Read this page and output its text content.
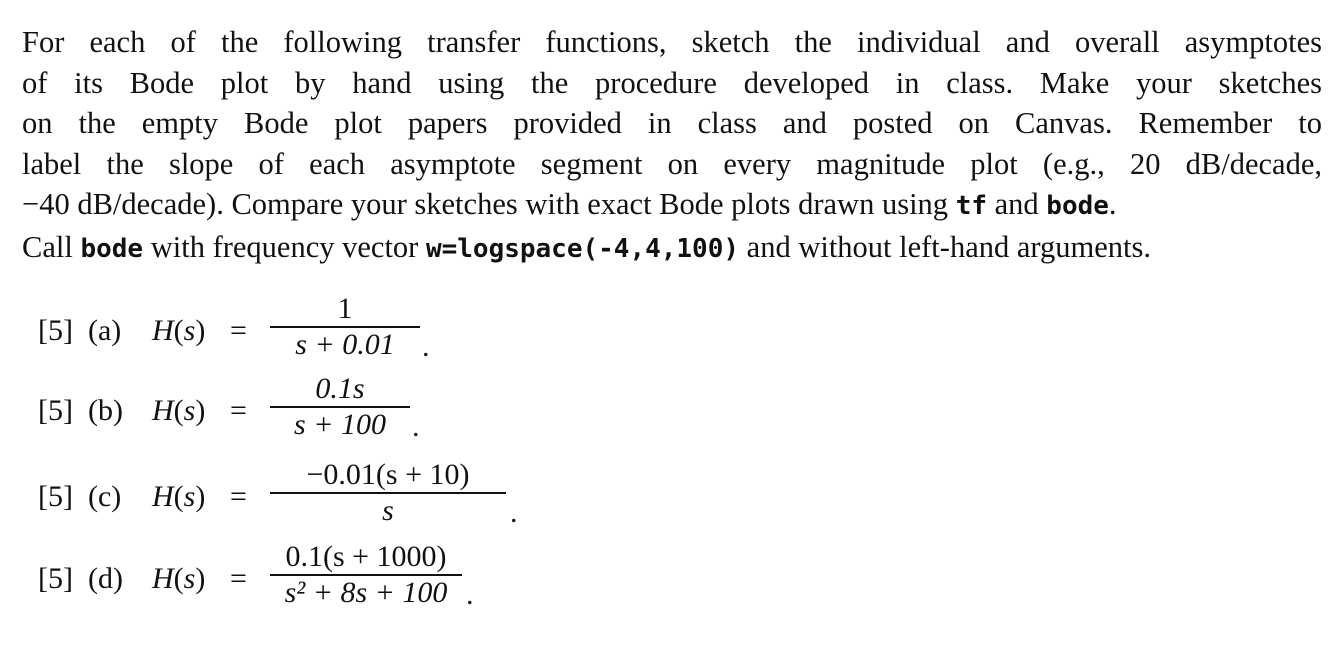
For each of the following transfer functions, sketch the individual and overall asymptotes
of its Bode plot by hand using the procedure developed in class. Make your sketches
on the empty Bode plot papers provided in class and posted on Canvas. Remember to
label the slope of each asymptote segment on every magnitude plot (e.g., 20 dB/decade,
−40 dB/decade). Compare your sketches with exact Bode plots drawn using tf and bode.
Call bode with frequency vector w=logspace(-4,4,100) and without left-hand arguments.
[5] (a) H(s) =
1
s + 0.01 .
[5] (b) H(s) =
0.1s
s + 100 .
[5] (c) H(s) =
−0.01(s + 10)
s	.
[5] (d) H(s) =
0.1(s + 1000)
s² + 8s + 100 .
